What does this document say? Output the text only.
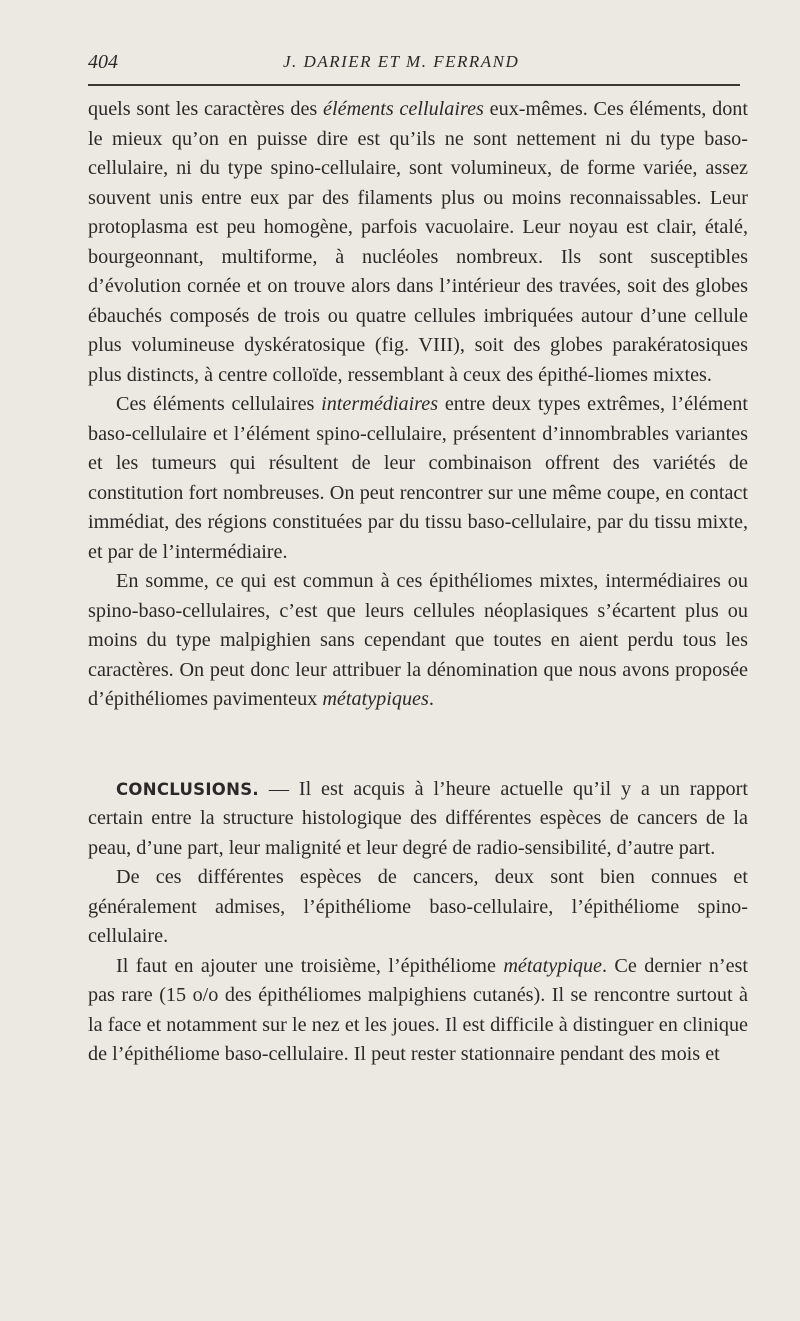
404	J. DARIER ET M. FERRAND

quels sont les caractères des éléments cellulaires eux-mêmes. Ces éléments, dont le mieux qu’on en puisse dire est qu’ils ne sont nettement ni du type baso-cellulaire, ni du type spino-cellulaire, sont volumineux, de forme variée, assez souvent unis entre eux par des filaments plus ou moins reconnaissables. Leur protoplasma est peu homogène, parfois vacuolaire. Leur noyau est clair, étalé, bourgeonnant, multiforme, à nucléoles nombreux. Ils sont susceptibles d’évolution cornée et on trouve alors dans l’intérieur des travées, soit des globes ébauchés composés de trois ou quatre cellules imbriquées autour d’une cellule plus volumineuse dyskératosique (fig. VIII), soit des globes parakératosiques plus distincts, à centre colloïde, ressemblant à ceux des épithé-liomes mixtes.

Ces éléments cellulaires intermédiaires entre deux types extrêmes, l’élément baso-cellulaire et l’élément spino-cellulaire, présentent d’innombrables variantes et les tumeurs qui résultent de leur combinaison offrent des variétés de constitution fort nombreuses. On peut rencontrer sur une même coupe, en contact immédiat, des régions constituées par du tissu baso-cellulaire, par du tissu mixte, et par de l’intermédiaire.

En somme, ce qui est commun à ces épithéliomes mixtes, intermédiaires ou spino-baso-cellulaires, c’est que leurs cellules néoplasiques s’écartent plus ou moins du type malpighien sans cependant que toutes en aient perdu tous les caractères. On peut donc leur attribuer la dénomination que nous avons proposée d’épithéliomes pavimenteux métatypiques.

CONCLUSIONS. — Il est acquis à l’heure actuelle qu’il y a un rapport certain entre la structure histologique des différentes espèces de cancers de la peau, d’une part, leur malignité et leur degré de radio-sensibilité, d’autre part.

De ces différentes espèces de cancers, deux sont bien connues et généralement admises, l’épithéliome baso-cellulaire, l’épithéliome spino-cellulaire.

Il faut en ajouter une troisième, l’épithéliome métatypique. Ce dernier n’est pas rare (15 o/o des épithéliomes malpighiens cutanés). Il se rencontre surtout à la face et notamment sur le nez et les joues. Il est difficile à distinguer en clinique de l’épithéliome baso-cellulaire. Il peut rester stationnaire pendant des mois et
